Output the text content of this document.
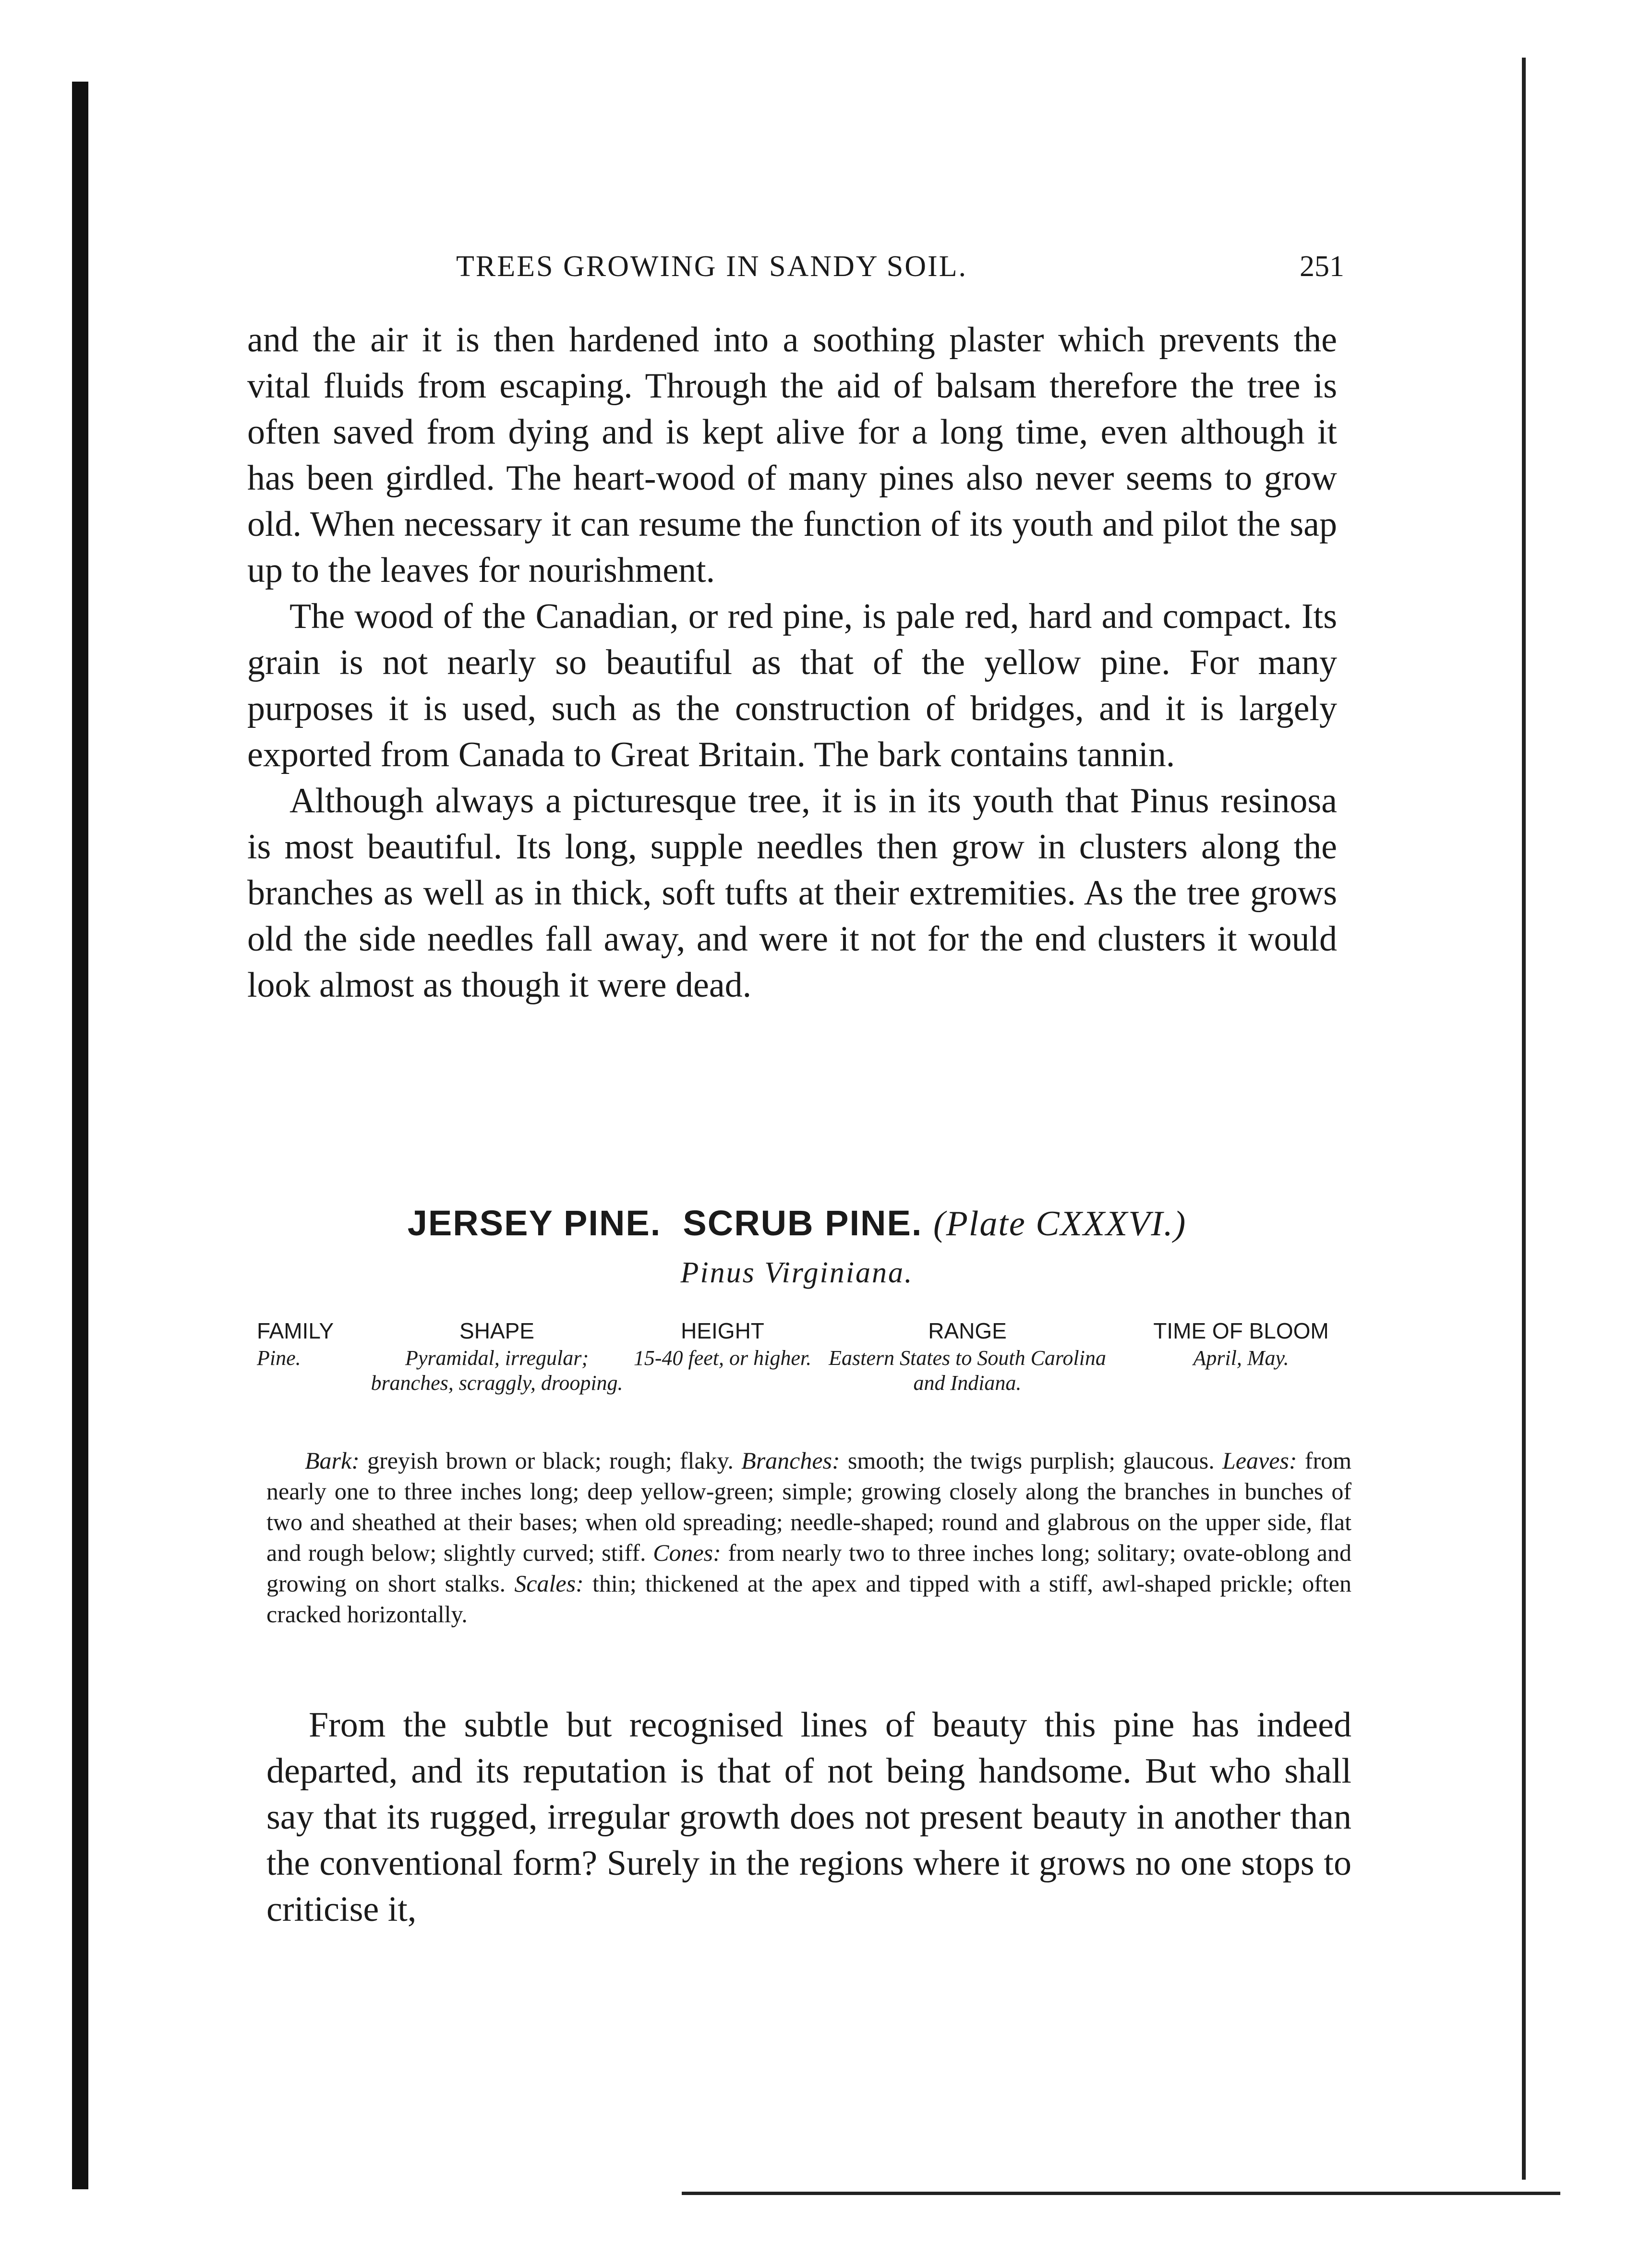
TREES GROWING IN SANDY SOIL.	251

and the air it is then hardened into a soothing plaster which prevents the vital fluids from escaping. Through the aid of balsam therefore the tree is often saved from dying and is kept alive for a long time, even although it has been girdled. The heart-wood of many pines also never seems to grow old. When necessary it can resume the function of its youth and pilot the sap up to the leaves for nourishment.

The wood of the Canadian, or red pine, is pale red, hard and compact. Its grain is not nearly so beautiful as that of the yellow pine. For many purposes it is used, such as the construction of bridges, and it is largely exported from Canada to Great Britain. The bark contains tannin.

Although always a picturesque tree, it is in its youth that Pinus resinosa is most beautiful. Its long, supple needles then grow in clusters along the branches as well as in thick, soft tufts at their extremities. As the tree grows old the side needles fall away, and were it not for the end clusters it would look almost as though it were dead.

JERSEY PINE.  SCRUB PINE. (Plate CXXXVI.)
Pinus Virginiana.
FAMILY	SHAPE	HEIGHT	RANGE	TIME OF BLOOM
Pine.	Pyramidal, irregular; branches, scraggly, drooping.	15-40 feet, or higher.	Eastern States to South Carolina and Indiana.	April, May.

Bark: greyish brown or black; rough; flaky. Branches: smooth; the twigs purplish; glaucous. Leaves: from nearly one to three inches long; deep yellow-green; simple; growing closely along the branches in bunches of two and sheathed at their bases; when old spreading; needle-shaped; round and glabrous on the upper side, flat and rough below; slightly curved; stiff. Cones: from nearly two to three inches long; solitary; ovate-oblong and growing on short stalks. Scales: thin; thickened at the apex and tipped with a stiff, awl-shaped prickle; often cracked horizontally.

From the subtle but recognised lines of beauty this pine has indeed departed, and its reputation is that of not being handsome. But who shall say that its rugged, irregular growth does not present beauty in another than the conventional form? Surely in the regions where it grows no one stops to criticise it,
